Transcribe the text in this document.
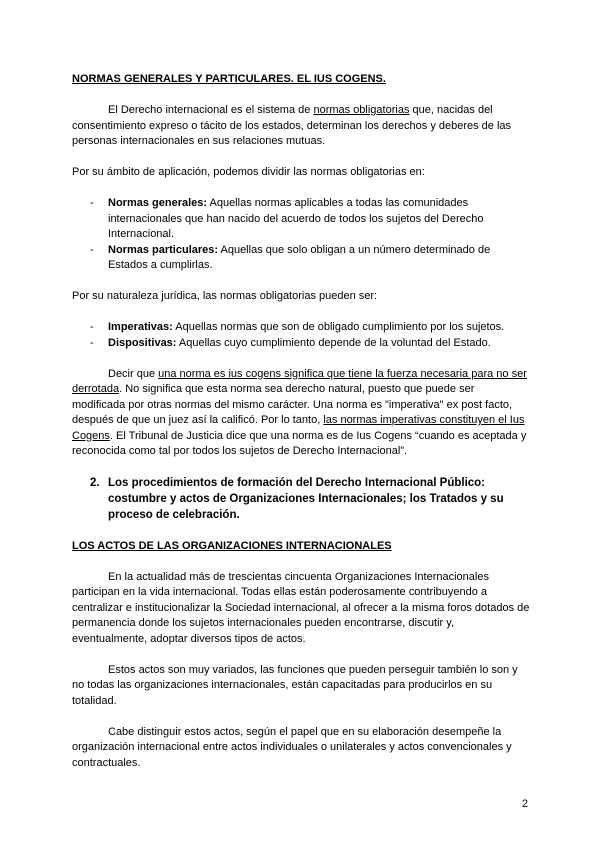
NORMAS GENERALES Y PARTICULARES. EL IUS COGENS.

El Derecho internacional es el sistema de normas obligatorias que, nacidas del consentimiento expreso o tácito de los estados, determinan los derechos y deberes de las personas internacionales en sus relaciones mutuas.

Por su ámbito de aplicación, podemos dividir las normas obligatorias en:

- Normas generales: Aquellas normas aplicables a todas las comunidades internacionales que han nacido del acuerdo de todos los sujetos del Derecho Internacional.
- Normas particulares: Aquellas que solo obligan a un número determinado de Estados a cumplirlas.

Por su naturaleza jurídica, las normas obligatorias pueden ser:

- Imperativas: Aquellas normas que son de obligado cumplimiento por los sujetos.
- Dispositivas: Aquellas cuyo cumplimiento depende de la voluntad del Estado.

Decir que una norma es ius cogens significa que tiene la fuerza necesaria para no ser derrotada. No significa que esta norma sea derecho natural, puesto que puede ser modificada por otras normas del mismo carácter. Una norma es "imperativa" ex post facto, después de que un juez así la calificó. Por lo tanto, las normas imperativas constituyen el Ius Cogens. El Tribunal de Justicia dice que una norma es de Ius Cogens “cuando es aceptada y reconocida como tal por todos los sujetos de Derecho Internacional”.

2. Los procedimientos de formación del Derecho Internacional Público: costumbre y actos de Organizaciones Internacionales; los Tratados y su proceso de celebración.

LOS ACTOS DE LAS ORGANIZACIONES INTERNACIONALES

En la actualidad más de trescientas cincuenta Organizaciones Internacionales participan en la vida internacional. Todas ellas están poderosamente contribuyendo a centralizar e institucionalizar la Sociedad internacional, al ofrecer a la misma foros dotados de permanencia donde los sujetos internacionales pueden encontrarse, discutir y, eventualmente, adoptar diversos tipos de actos.

Estos actos son muy variados, las funciones que pueden perseguir también lo son y no todas las organizaciones internacionales, están capacitadas para producirlos en su totalidad.

Cabe distinguir estos actos, según el papel que en su elaboración desempeñe la organización internacional entre actos individuales o unilaterales y actos convencionales y contractuales.

2
